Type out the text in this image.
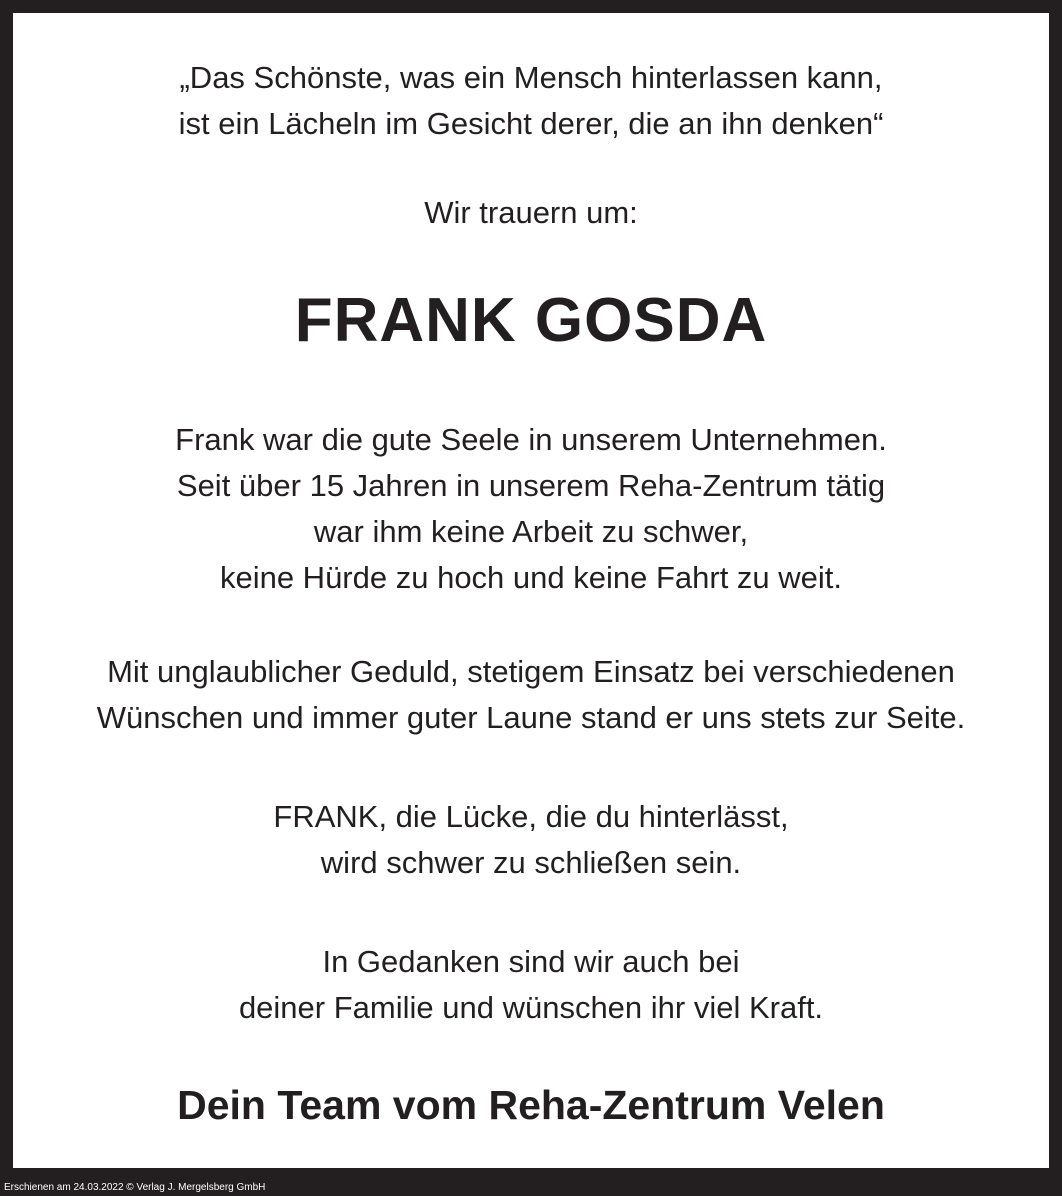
„Das Schönste, was ein Mensch hinterlassen kann,
ist ein Lächeln im Gesicht derer, die an ihn denken“

Wir trauern um:

FRANK GOSDA

Frank war die gute Seele in unserem Unternehmen.
Seit über 15 Jahren in unserem Reha-Zentrum tätig
war ihm keine Arbeit zu schwer,
keine Hürde zu hoch und keine Fahrt zu weit.

Mit unglaublicher Geduld, stetigem Einsatz bei verschiedenen
Wünschen und immer guter Laune stand er uns stets zur Seite.

FRANK, die Lücke, die du hinterlässt,
wird schwer zu schließen sein.

In Gedanken sind wir auch bei
deiner Familie und wünschen ihr viel Kraft.

Dein Team vom Reha-Zentrum Velen

Erschienen am 24.03.2022 © Verlag J. Mergelsberg GmbH
